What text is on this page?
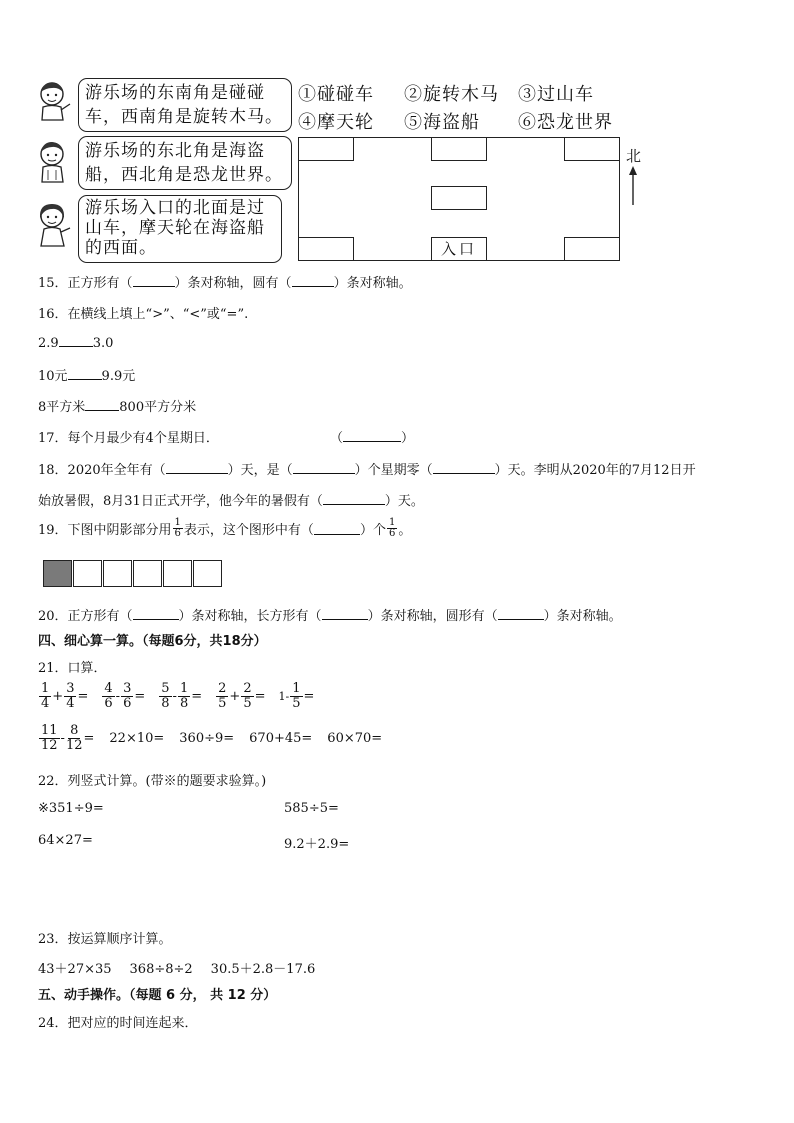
游乐场的东南角是碰碰
车，西南角是旋转木马。
游乐场的东北角是海盗
船，西北角是恐龙世界。
游乐场入口的北面是过
山车，摩天轮在海盗船
的西面。
①碰碰车 ②旋转木马 ③过山车
④摩天轮 ⑤海盗船 ⑥恐龙世界
入口
北
15．正方形有（	）条对称轴，圆有（	）条对称轴。
16．在横线上填上“>”、“<”或“=”.
2.9	3.0
10元	9.9元
8平方米	800平方分米
17．每个月最少有4个星期日．	（	）
18．2020年全年有（	）天，是（	）个星期零（	）天。李明从2020年的7月12日开
始放暑假，8月31日正式开学，他今年的暑假有（	）天。
19．下图中阴影部分用
1
6 表示，这个图形中有（	）个
1
6 。
20．正方形有（	）条对称轴，长方形有（	）条对称轴，圆形有（	）条对称轴。
四、细心算一算。（每题6分，共18分）
21．口算．
1
$4 + \frac{3}{4}$ =
4
$6 - \frac{3}{6}$ =
5
$8 - \frac{1}{8}$ =
2
$5 + \frac{2}{5} = 1- \frac{1}{5}$ =
11
$12 - \frac{8}{12} = 22\times 10= 360\div 9= 670+45= 60\times 70=$
22．列竖式计算。(带※的题要求验算。)
※351÷9=	585÷5=
64×27=	9.2＋2.9=
23．按运算顺序计算。
43＋27×35 368÷8÷2 30.5＋2.8－17.6
五、动手操作。（每题 6 分， 共 12 分）
24．把对应的时间连起来．
